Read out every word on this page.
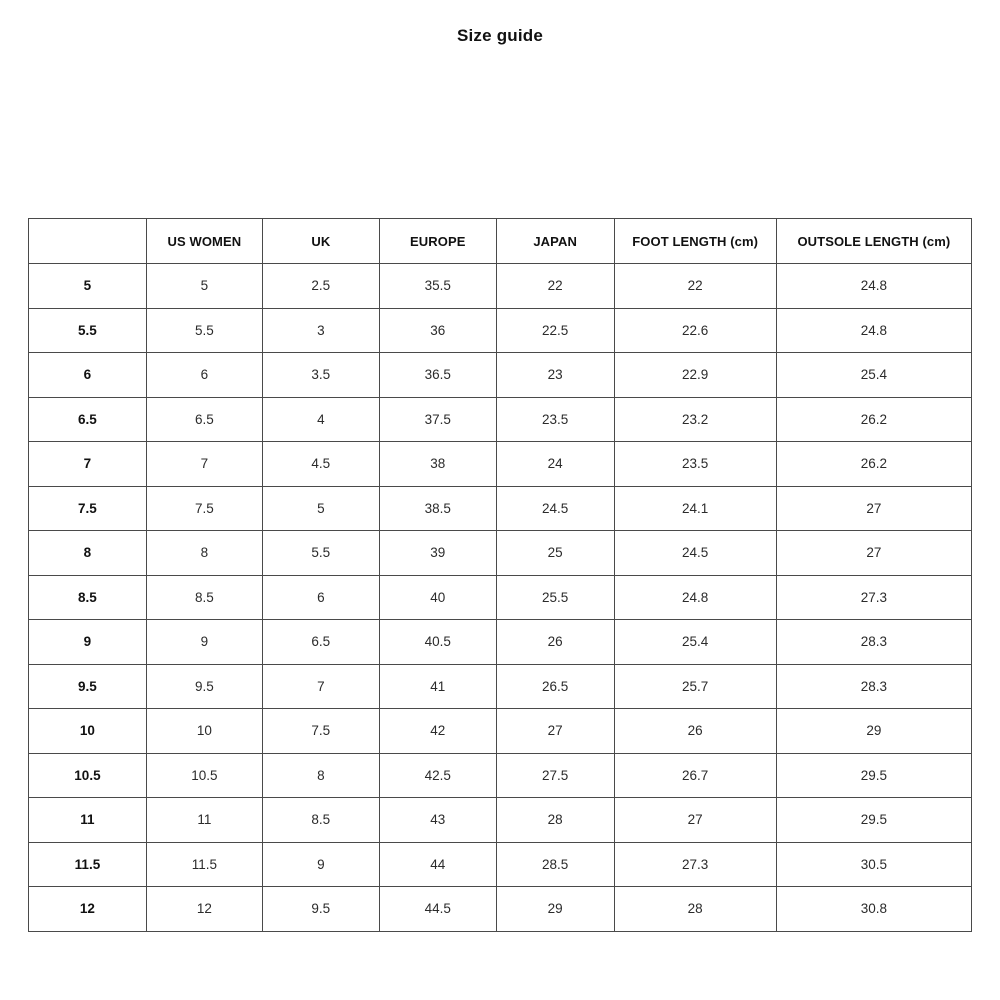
Size guide
	US WOMEN	UK	EUROPE	JAPAN	FOOT LENGTH (cm)	OUTSOLE LENGTH (cm)
5	5	2.5	35.5	22	22	24.8
5.5	5.5	3	36	22.5	22.6	24.8
6	6	3.5	36.5	23	22.9	25.4
6.5	6.5	4	37.5	23.5	23.2	26.2
7	7	4.5	38	24	23.5	26.2
7.5	7.5	5	38.5	24.5	24.1	27
8	8	5.5	39	25	24.5	27
8.5	8.5	6	40	25.5	24.8	27.3
9	9	6.5	40.5	26	25.4	28.3
9.5	9.5	7	41	26.5	25.7	28.3
10	10	7.5	42	27	26	29
10.5	10.5	8	42.5	27.5	26.7	29.5
11	11	8.5	43	28	27	29.5
11.5	11.5	9	44	28.5	27.3	30.5
12	12	9.5	44.5	29	28	30.8
